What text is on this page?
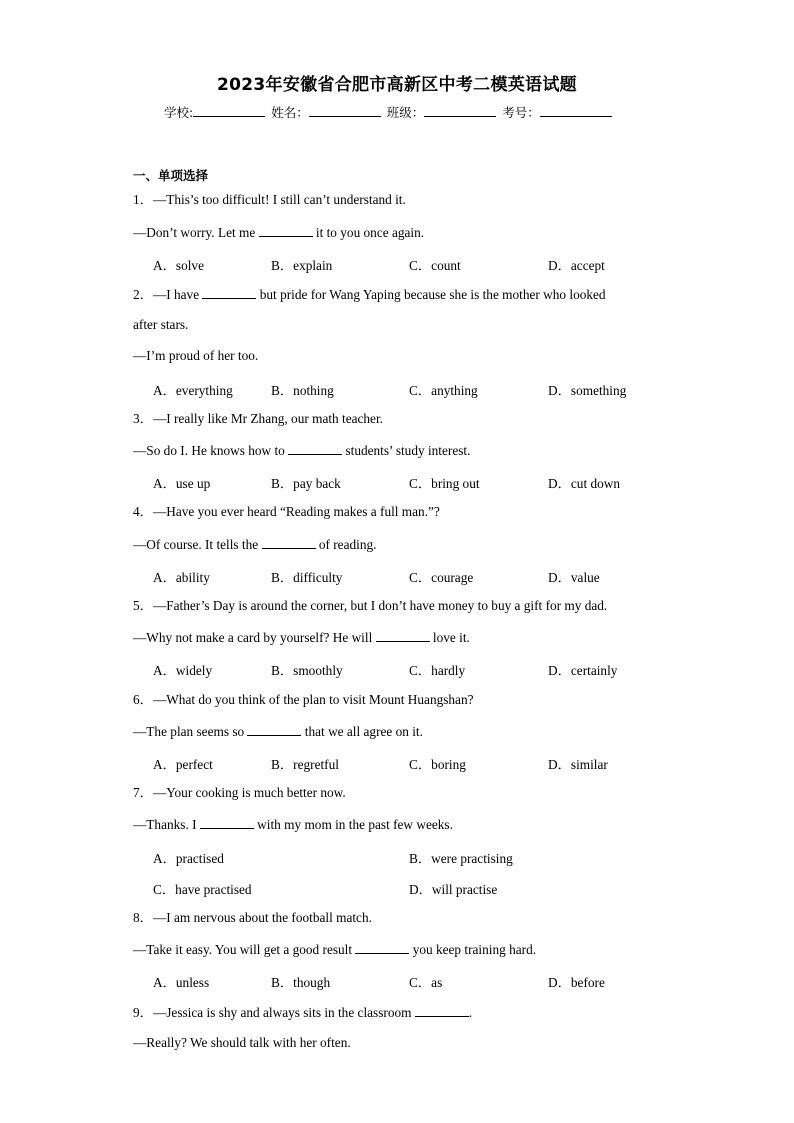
2023年安徽省合肥市高新区中考二模英语试题
学校:	姓名：	班级：	考号：
一、单项选择
1．—This’s too difficult! I still can’t understand it.
—Don’t worry. Let me	it to you once again.
A．solve	B．explain	C．count	D．accept
2．—I have	but pride for Wang Yaping because she is the mother who looked
after stars.
—I’m proud of her too.
A．everything	B．nothing	C．anything	D．something
3．—I really like Mr Zhang, our math teacher.
—So do I. He knows how to	students’ study interest.
A．use up	B．pay back	C．bring out	D．cut down
4．—Have you ever heard “Reading makes a full man.”?
—Of course. It tells the	of reading.
A．ability	B．difficulty	C．courage	D．value
5．—Father’s Day is around the corner, but I don’t have money to buy a gift for my dad.
—Why not make a card by yourself? He will	love it.
A．widely	B．smoothly	C．hardly	D．certainly
6．—What do you think of the plan to visit Mount Huangshan?
—The plan seems so	that we all agree on it.
A．perfect	B．regretful	C．boring	D．similar
7．—Your cooking is much better now.
—Thanks. I	with my mom in the past few weeks.
A．practised	B．were practising
C．have practised	D．will practise
8．—I am nervous about the football match.
—Take it easy. You will get a good result	you keep training hard.
A．unless	B．though	C．as	D．before
9．—Jessica is shy and always sits in the classroom	.
—Really? We should talk with her often.
